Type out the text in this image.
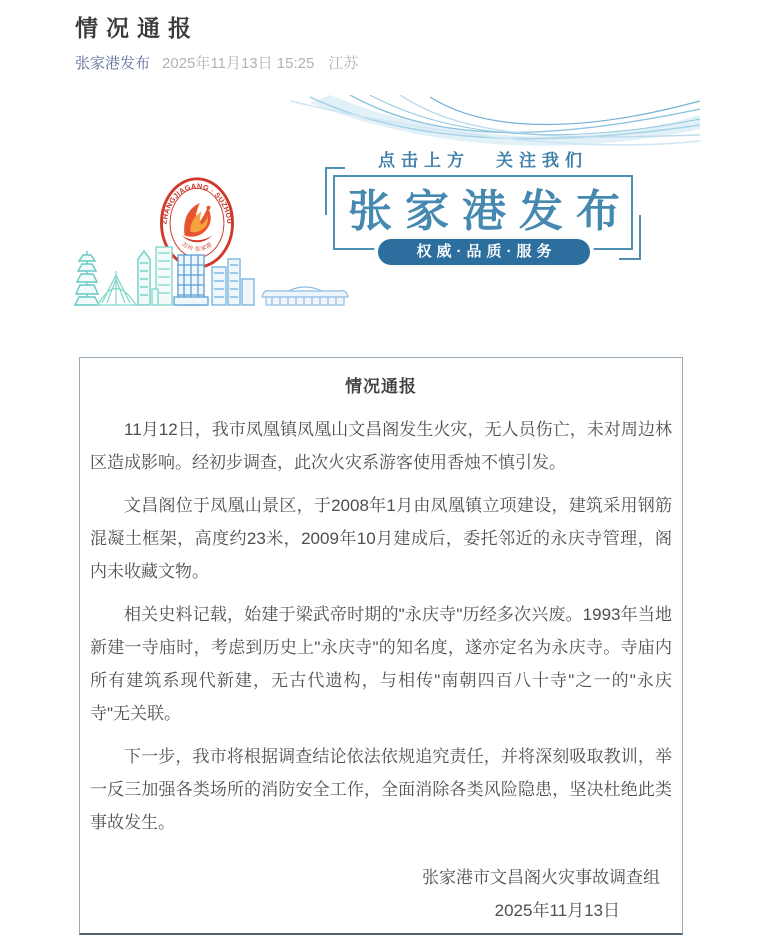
情况通报
张家港发布 2025年11月13日 15:25 江苏
ZHANGJIAGANG · SUZHOU
苏州·张家港
点击上方 关注我们
张家港发布
权威·品质·服务
情况通报

11月12日，我市凤凰镇凤凰山文昌阁发生火灾，无人员伤亡，未对周边林区造成影响。经初步调查，此次火灾系游客使用香烛不慎引发。

文昌阁位于凤凰山景区，于2008年1月由凤凰镇立项建设，建筑采用钢筋混凝土框架，高度约23米，2009年10月建成后，委托邻近的永庆寺管理，阁内未收藏文物。

相关史料记载，始建于梁武帝时期的"永庆寺"历经多次兴废。1993年当地新建一寺庙时，考虑到历史上"永庆寺"的知名度，遂亦定名为永庆寺。寺庙内所有建筑系现代新建，无古代遗构，与相传"南朝四百八十寺"之一的"永庆寺"无关联。

下一步，我市将根据调查结论依法依规追究责任，并将深刻吸取教训，举一反三加强各类场所的消防安全工作，全面消除各类风险隐患，坚决杜绝此类事故发生。

张家港市文昌阁火灾事故调查组
2025年11月13日
